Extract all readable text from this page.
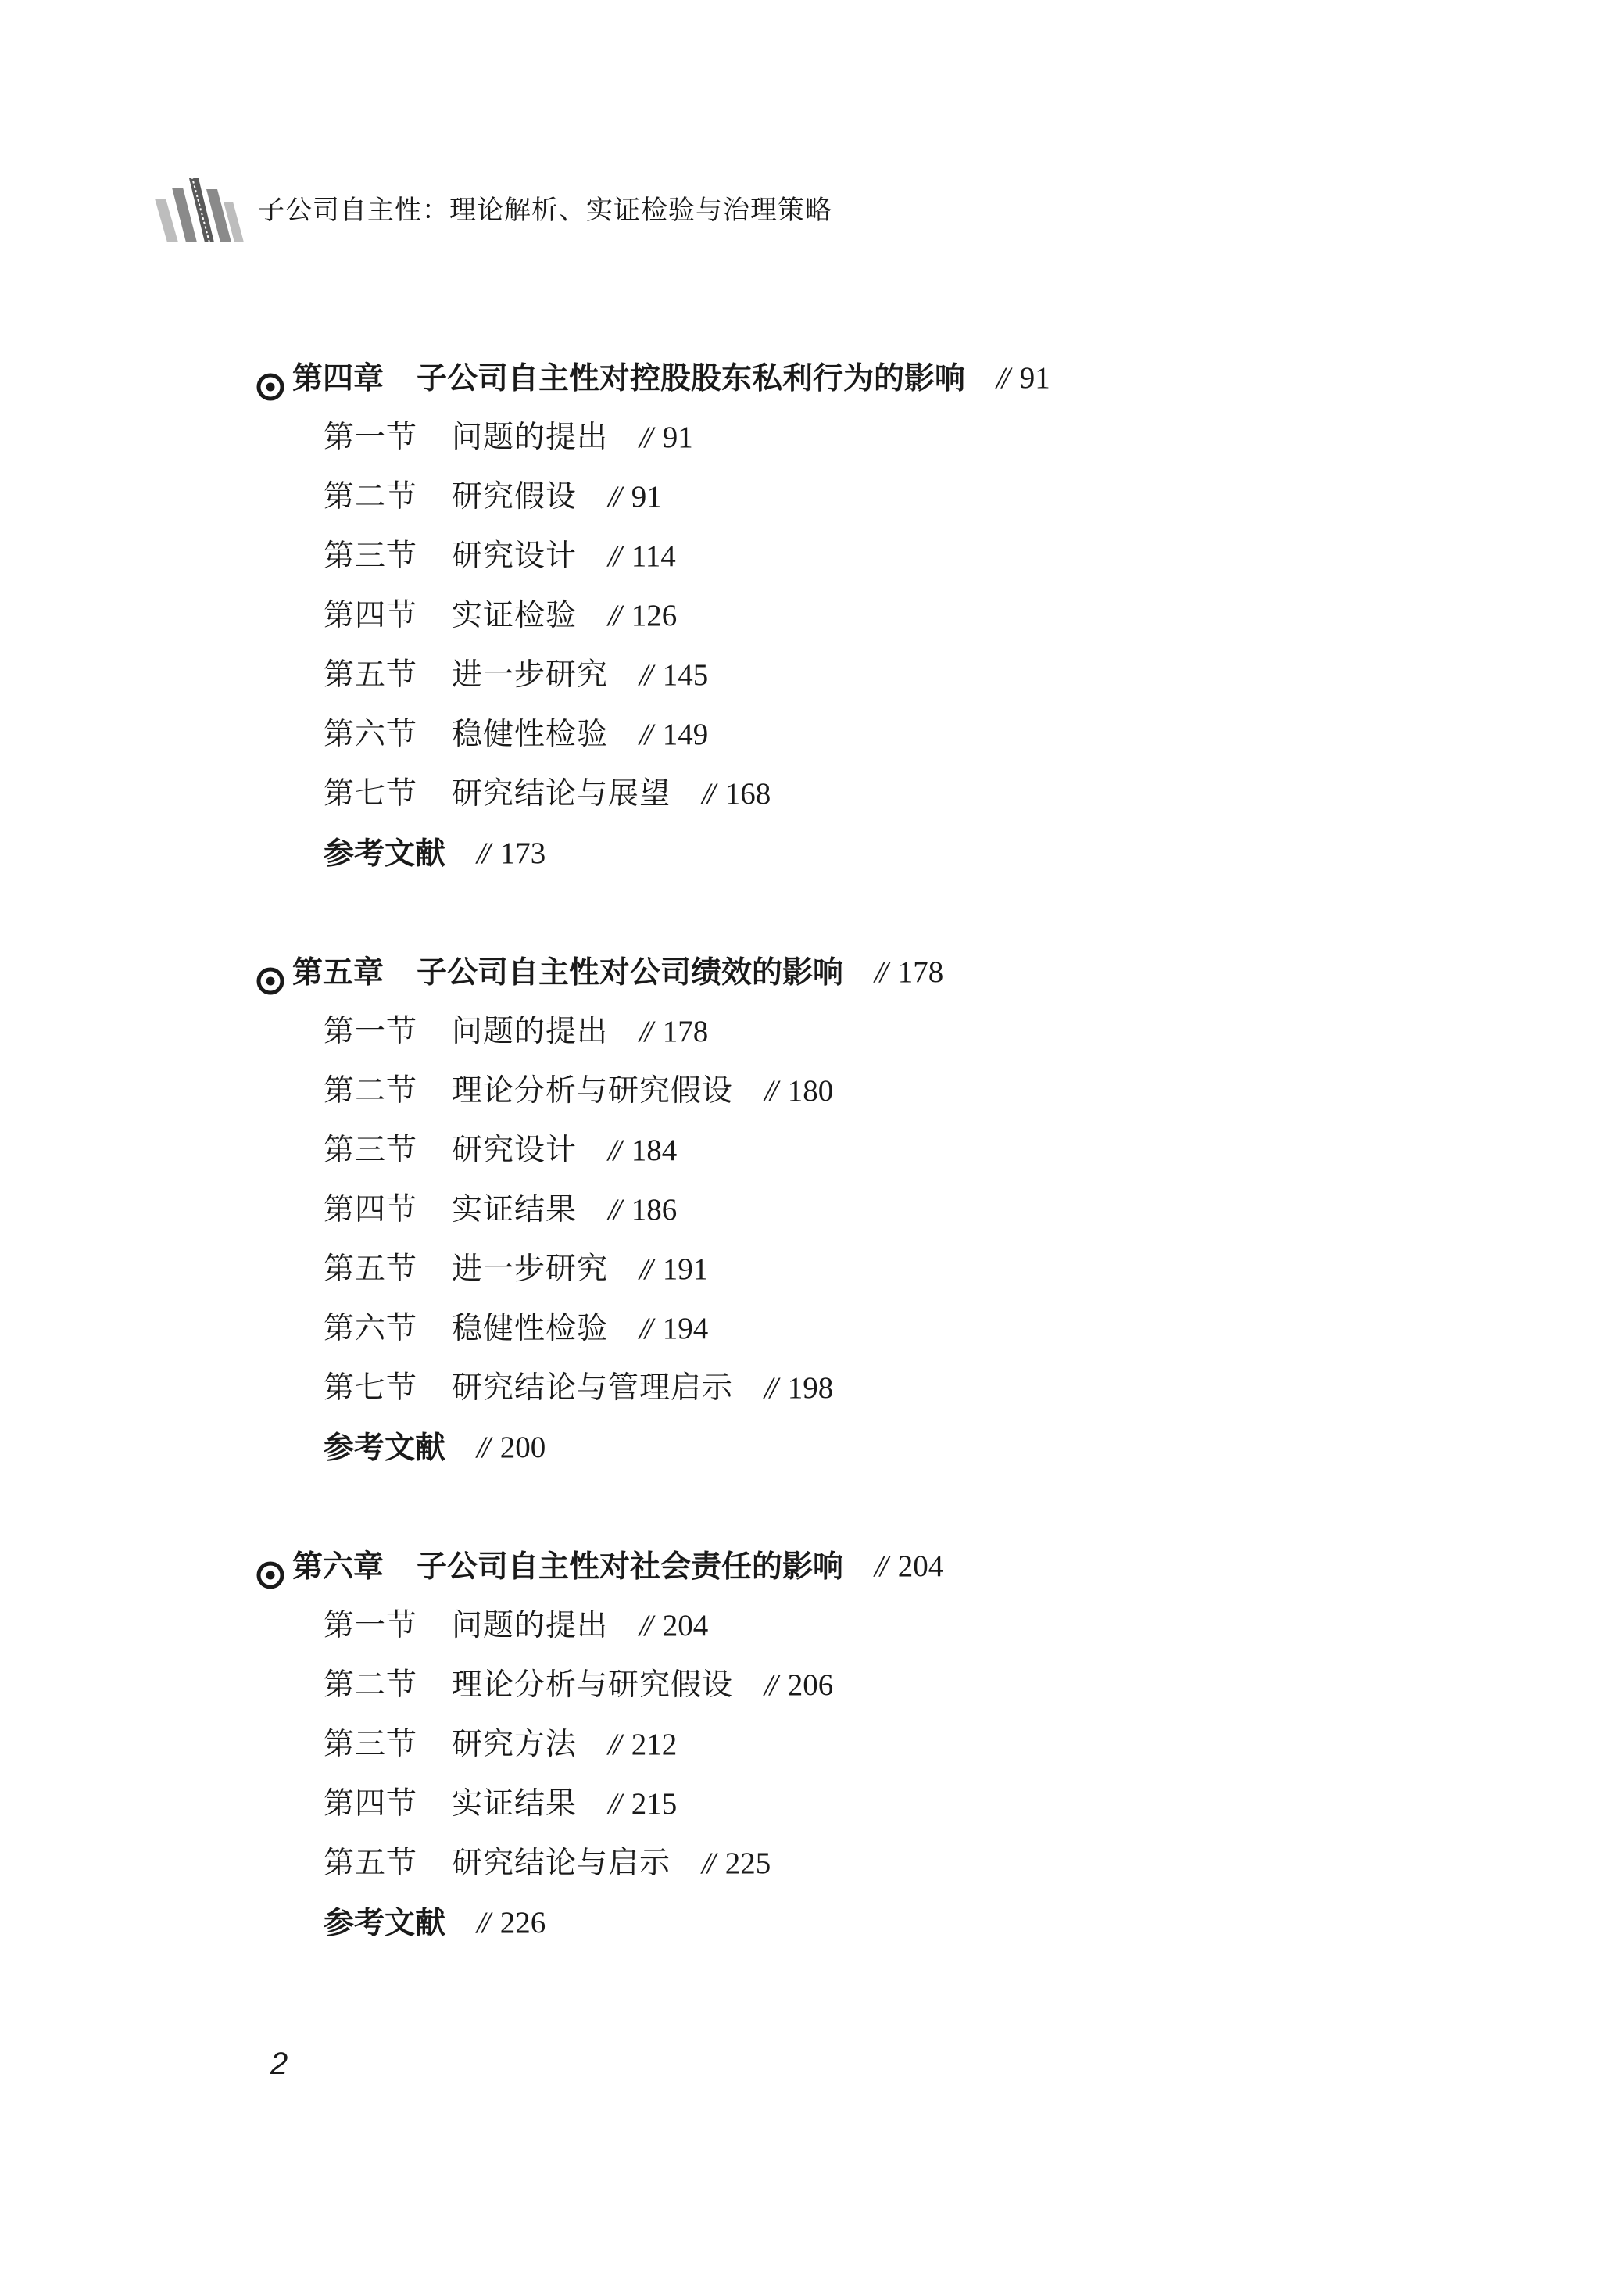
子公司自主性：理论解析、实证检验与治理策略
第四章 子公司自主性对控股股东私利行为的影响 // 91
第一节 问题的提出 // 91
第二节 研究假设 // 91
第三节 研究设计 // 114
第四节 实证检验 // 126
第五节 进一步研究 // 145
第六节 稳健性检验 // 149
第七节 研究结论与展望 // 168
参考文献 // 173
第五章 子公司自主性对公司绩效的影响 // 178
第一节 问题的提出 // 178
第二节 理论分析与研究假设 // 180
第三节 研究设计 // 184
第四节 实证结果 // 186
第五节 进一步研究 // 191
第六节 稳健性检验 // 194
第七节 研究结论与管理启示 // 198
参考文献 // 200
第六章 子公司自主性对社会责任的影响 // 204
第一节 问题的提出 // 204
第二节 理论分析与研究假设 // 206
第三节 研究方法 // 212
第四节 实证结果 // 215
第五节 研究结论与启示 // 225
参考文献 // 226
2
